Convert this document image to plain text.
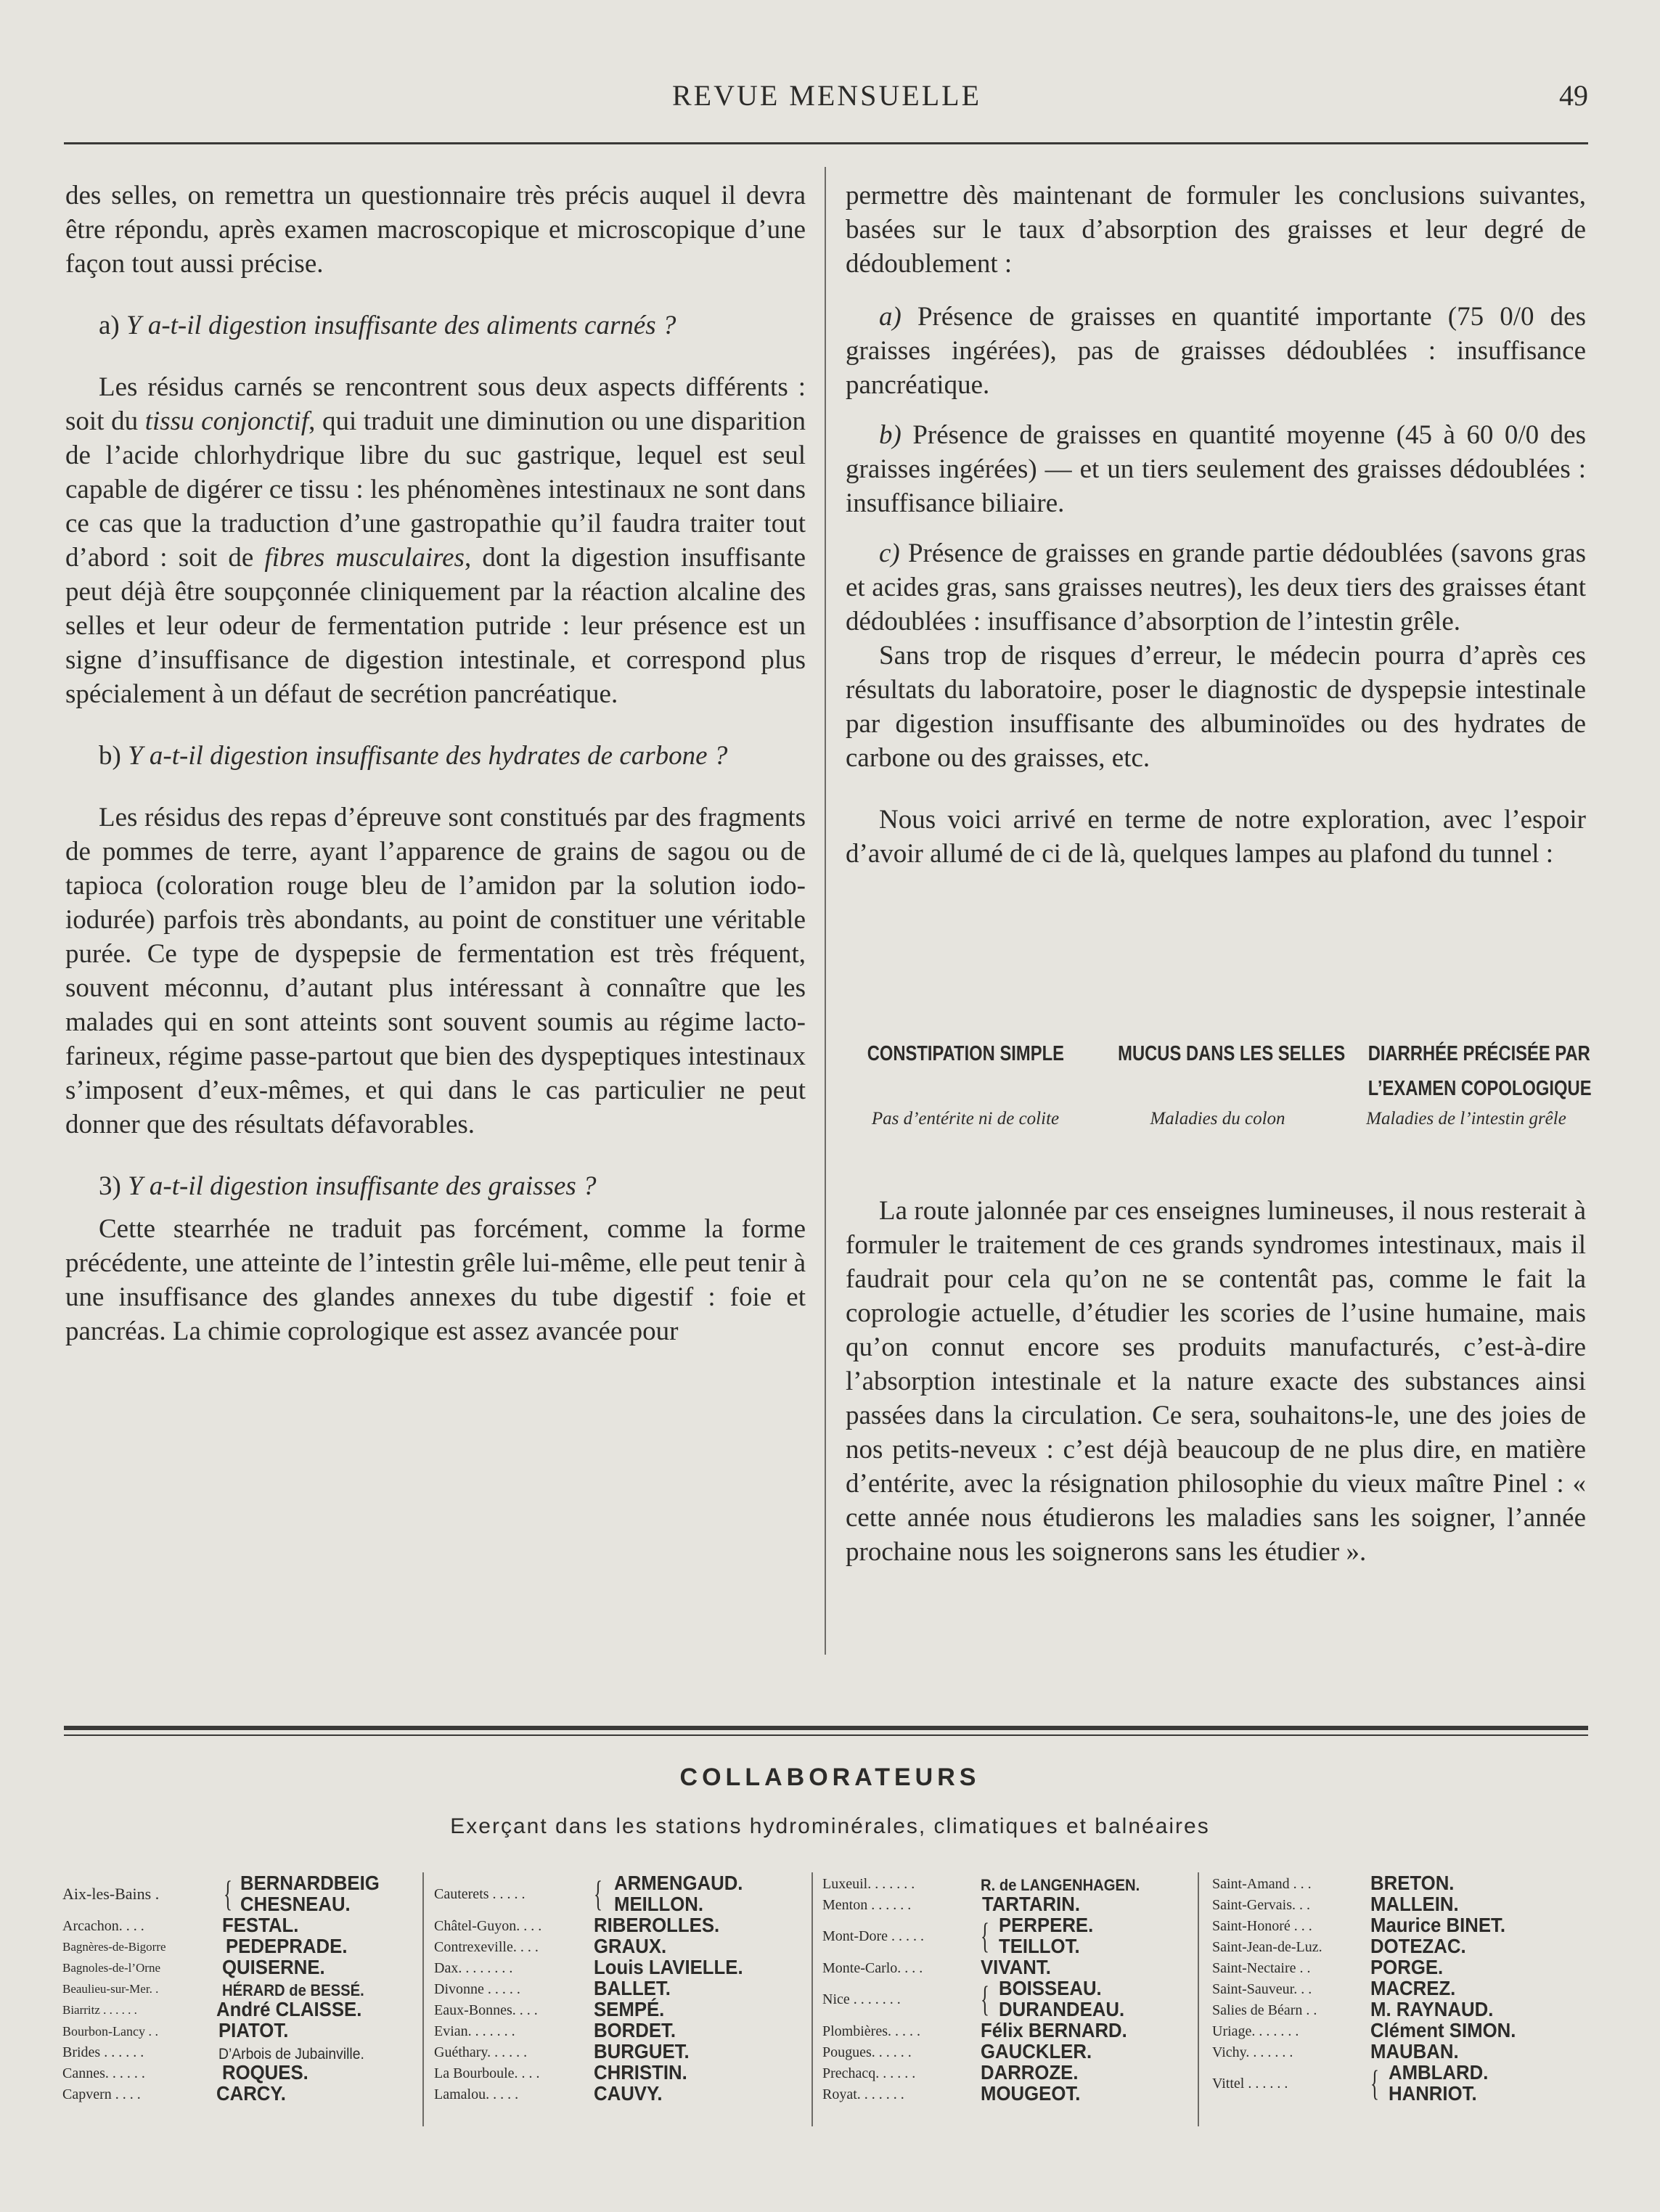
REVUE MENSUELLE	49

des selles, on remettra un questionnaire très précis auquel il devra être répondu, après examen macroscopique et microscopique d’une façon tout aussi précise.

a) Y a-t-il digestion insuffisante des aliments carnés ?

Les résidus carnés se rencontrent sous deux aspects différents : soit du tissu conjonctif, qui traduit une diminution ou une disparition de l’acide chlorhydrique libre du suc gastrique, lequel est seul capable de digérer ce tissu : les phénomènes intestinaux ne sont dans ce cas que la traduction d’une gastropathie qu’il faudra traiter tout d’abord : soit de fibres musculaires, dont la digestion insuffisante peut déjà être soupçonnée cliniquement par la réaction alcaline des selles et leur odeur de fermentation putride : leur présence est un signe d’insuffisance de digestion intestinale, et correspond plus spécialement à un défaut de secrétion pancréatique.

b) Y a-t-il digestion insuffisante des hydrates de carbone ?

Les résidus des repas d’épreuve sont constitués par des fragments de pommes de terre, ayant l’apparence de grains de sagou ou de tapioca (coloration rouge bleu de l’amidon par la solution iodo-iodurée) parfois très abondants, au point de constituer une véritable purée. Ce type de dyspepsie de fermentation est très fréquent, souvent méconnu, d’autant plus intéressant à connaître que les malades qui en sont atteints sont souvent soumis au régime lacto-farineux, régime passe-partout que bien des dyspeptiques intestinaux s’imposent d’eux-mêmes, et qui dans le cas particulier ne peut donner que des résultats défavorables.

3) Y a-t-il digestion insuffisante des graisses ?

Cette stearrhée ne traduit pas forcément, comme la forme précédente, une atteinte de l’intestin grêle lui-même, elle peut tenir à une insuffisance des glandes annexes du tube digestif : foie et pancréas. La chimie coprologique est assez avancée pour

permettre dès maintenant de formuler les conclusions suivantes, basées sur le taux d’absorption des graisses et leur degré de dédoublement :

a) Présence de graisses en quantité importante (75 0/0 des graisses ingérées), pas de graisses dédoublées : insuffisance pancréatique.

b) Présence de graisses en quantité moyenne (45 à 60 0/0 des graisses ingérées) — et un tiers seulement des graisses dédoublées : insuffisance biliaire.

c) Présence de graisses en grande partie dédoublées (savons gras et acides gras, sans graisses neutres), les deux tiers des graisses étant dédoublées : insuffisance d’absorption de l’intestin grêle.

Sans trop de risques d’erreur, le médecin pourra d’après ces résultats du laboratoire, poser le diagnostic de dyspepsie intestinale par digestion insuffisante des albuminoïdes ou des hydrates de carbone ou des graisses, etc.

Nous voici arrivé en terme de notre exploration, avec l’espoir d’avoir allumé de ci de là, quelques lampes au plafond du tunnel :

CONSTIPATION SIMPLE
Pas d’entérite ni de colite
MUCUS DANS LES SELLES
Maladies du colon
DIARRHÉE PRÉCISÉE PAR
L’EXAMEN COPOLOGIQUE
Maladies de l’intestin grêle

La route jalonnée par ces enseignes lumineuses, il nous resterait à formuler le traitement de ces grands syndromes intestinaux, mais il faudrait pour cela qu’on ne se contentât pas, comme le fait la coprologie actuelle, d’étudier les scories de l’usine humaine, mais qu’on connut encore ses produits manufacturés, c’est-à-dire l’absorption intestinale et la nature exacte des substances ainsi passées dans la circulation. Ce sera, souhaitons-le, une des joies de nos petits-neveux : c’est déjà beaucoup de ne plus dire, en matière d’entérite, avec la résignation philosophie du vieux maître Pinel : « cette année nous étudierons les maladies sans les soigner, l’année prochaine nous les soignerons sans les étudier ».

COLLABORATEURS
Exerçant dans les stations hydrominérales, climatiques et balnéaires
Aix-les-Bains . { BERNARDBEIG
CHESNEAU.
Arcachon. . . .	FESTAL.
Bagnères-de-Bigorre	PEDEPRADE.
Bagnoles-de-l’Orne	QUISERNE.
Beaulieu-sur-Mer. .	HÉRARD de BESSÉ.
Biarritz . . . . . .	André CLAISSE.
Bourbon-Lancy . .	PIATOT.
Brides . . . . . .	D’Arbois de Jubainville.
Cannes. . . . . .	ROQUES.
Capvern . . . .	CARCY.
Cauterets . . . . . { ARMENGAUD.
MEILLON.
Châtel-Guyon. . . .	RIBEROLLES.
Contrexeville. . . .	GRAUX.
Dax. . . . . . . .	Louis LAVIELLE.
Divonne . . . . .	BALLET.
Eaux-Bonnes. . . .	SEMPÉ.
Evian. . . . . . .	BORDET.
Guéthary. . . . . .	BURGUET.
La Bourboule. . . .	CHRISTIN.
Lamalou. . . . .	CAUVY.
Luxeuil. . . . . . .	R. de LANGENHAGEN.
Menton . . . . . .	TARTARIN.
Mont-Dore . . . . . { PERPERE.
TEILLOT.
Monte-Carlo. . . .	VIVANT.
Nice . . . . . . . { BOISSEAU.
DURANDEAU.
Plombières. . . . .	Félix BERNARD.
Pougues. . . . . .	GAUCKLER.
Prechacq. . . . . .	DARROZE.
Royat. . . . . . .	MOUGEOT.
Saint-Amand . . .	BRETON.
Saint-Gervais. . .	MALLEIN.
Saint-Honoré . . .	Maurice BINET.
Saint-Jean-de-Luz. DOTEZAC.
Saint-Nectaire . .	PORGE.
Saint-Sauveur. . .	MACREZ.
Salies de Béarn . .	M. RAYNAUD.
Uriage. . . . . . .	Clément SIMON.
Vichy. . . . . . .	MAUBAN.
Vittel . . . . . . { AMBLARD.
HANRIOT.
